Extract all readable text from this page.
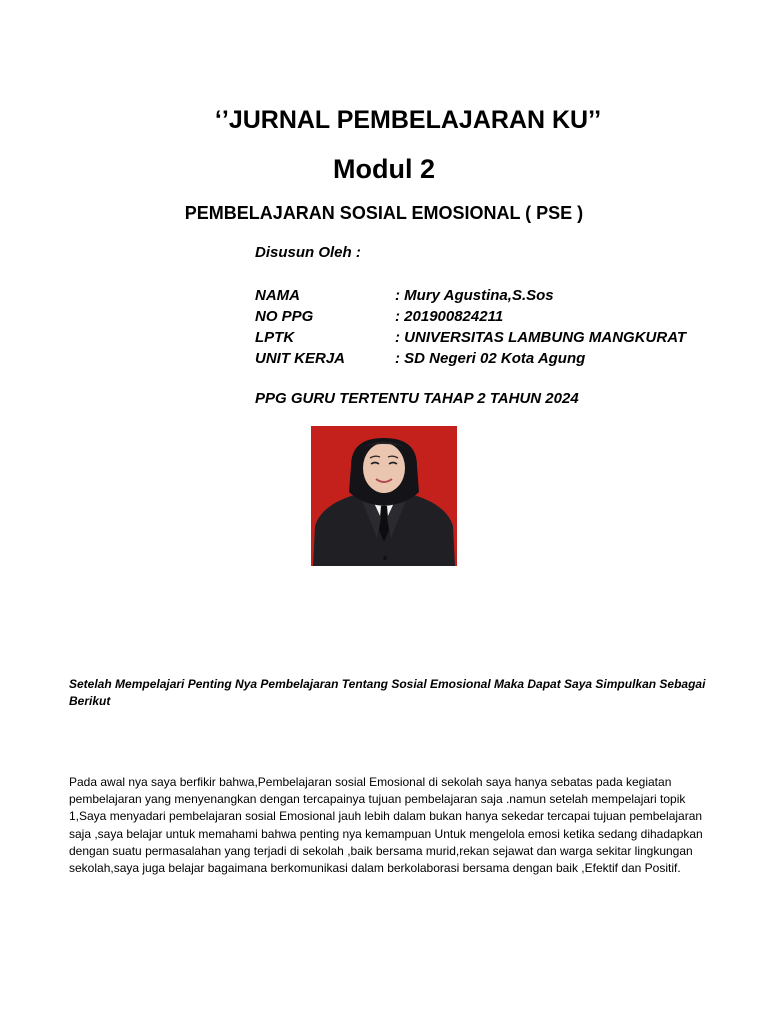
‘’JURNAL PEMBELAJARAN KU’’
Modul 2
PEMBELAJARAN SOSIAL EMOSIONAL ( PSE )
Disusun Oleh :
NAMA	: Mury Agustina,S.Sos
NO PPG	: 201900824211
LPTK	: UNIVERSITAS LAMBUNG MANGKURAT
UNIT KERJA	: SD Negeri 02 Kota Agung
PPG GURU TERTENTU TAHAP 2 TAHUN 2024
Setelah Mempelajari Penting Nya Pembelajaran Tentang Sosial Emosional Maka Dapat Saya Simpulkan Sebagai Berikut
Pada awal nya saya berfikir bahwa,Pembelajaran sosial Emosional di sekolah saya hanya sebatas pada kegiatan pembelajaran yang menyenangkan dengan tercapainya tujuan pembelajaran saja .namun setelah mempelajari topik 1,Saya menyadari pembelajaran sosial Emosional jauh lebih dalam bukan hanya sekedar tercapai tujuan pembelajaran saja ,saya belajar untuk memahami bahwa penting nya kemampuan Untuk mengelola emosi ketika sedang dihadapkan dengan suatu permasalahan yang terjadi di sekolah ,baik bersama murid,rekan sejawat dan warga sekitar lingkungan sekolah,saya juga belajar bagaimana berkomunikasi dalam berkolaborasi bersama dengan baik ,Efektif dan Positif.
